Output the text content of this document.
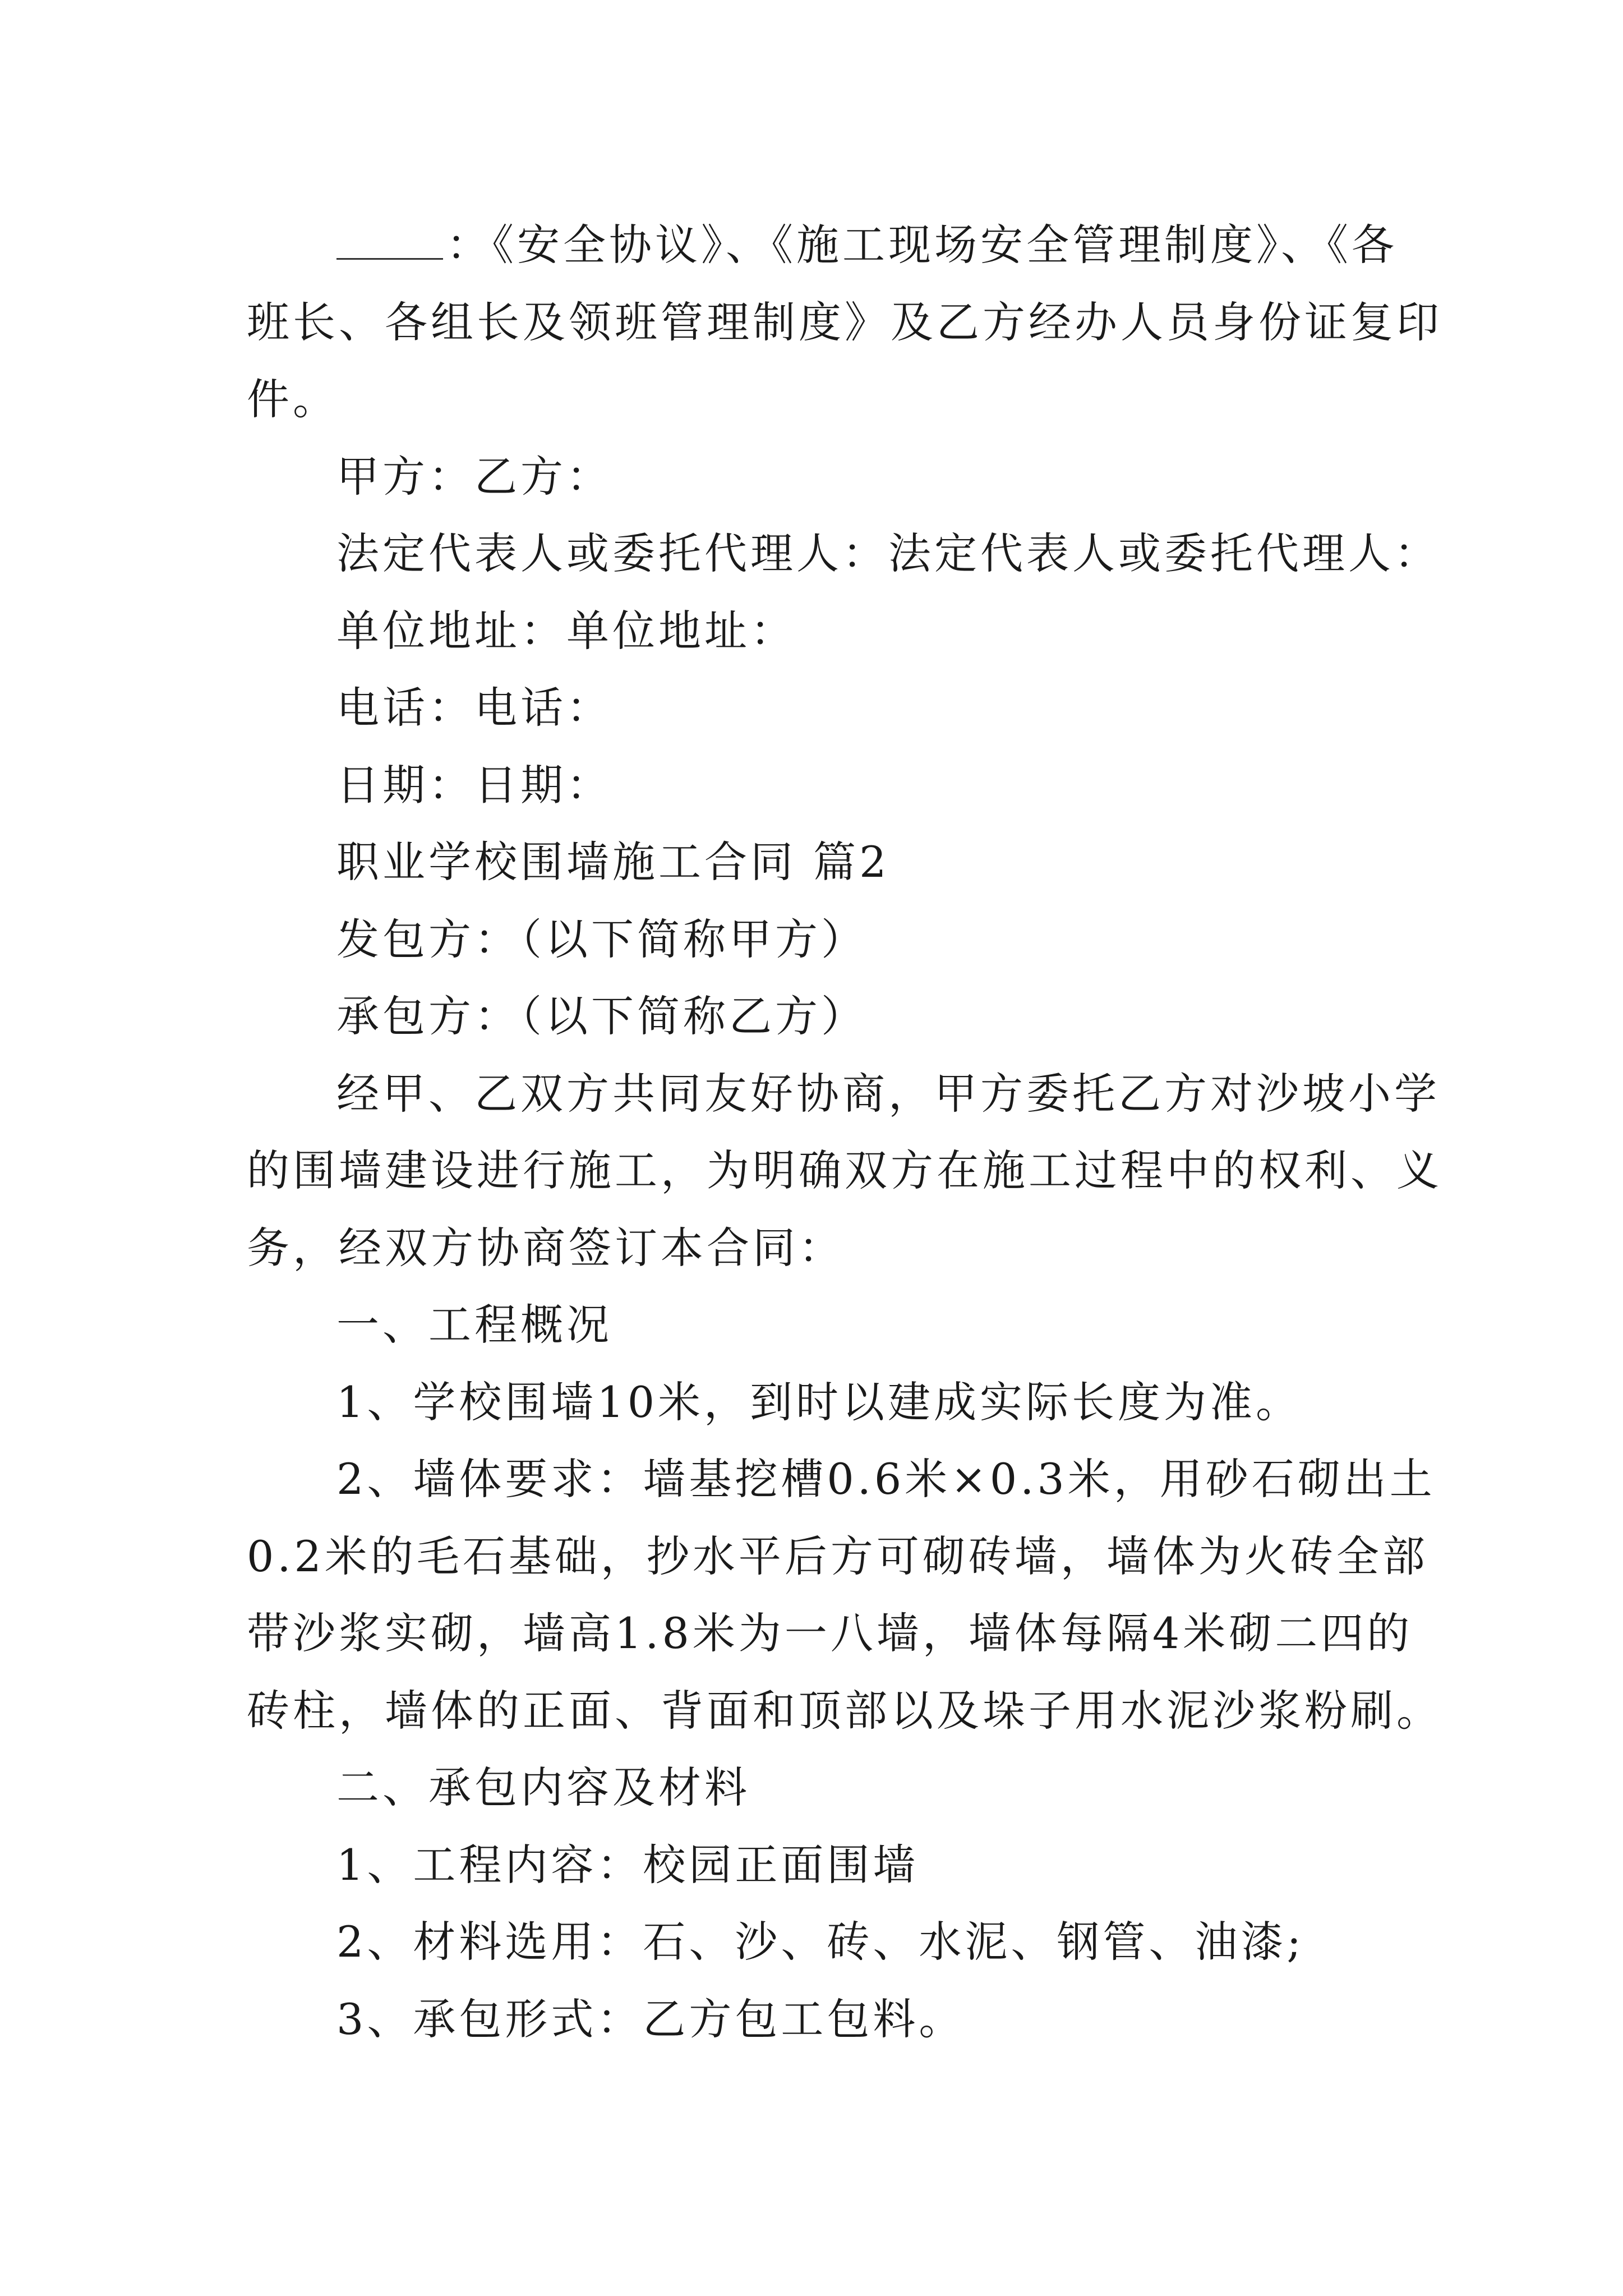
：《安全协议》、《施工现场安全管理制度》、《各
班长、各组长及领班管理制度》及乙方经办人员身份证复印
件。
甲方：乙方：
法定代表人或委托代理人：法定代表人或委托代理人：
单位地址：单位地址：
电话：电话：
日期：日期：
职业学校围墙施工合同 篇2
发包方：（以下简称甲方）
承包方：（以下简称乙方）
经甲、乙双方共同友好协商，甲方委托乙方对沙坡小学
的围墙建设进行施工，为明确双方在施工过程中的权利、义
务，经双方协商签订本合同：
一、工程概况
1、学校围墙10米，到时以建成实际长度为准。
2、墙体要求：墙基挖槽0.6米×0.3米，用砂石砌出土
0.2米的毛石基础，抄水平后方可砌砖墙，墙体为火砖全部
带沙浆实砌，墙高1.8米为一八墙，墙体每隔4米砌二四的
砖柱，墙体的正面、背面和顶部以及垛子用水泥沙浆粉刷。
二、承包内容及材料
1、工程内容：校园正面围墙
2、材料选用：石、沙、砖、水泥、钢管、油漆;
3、承包形式：乙方包工包料。
